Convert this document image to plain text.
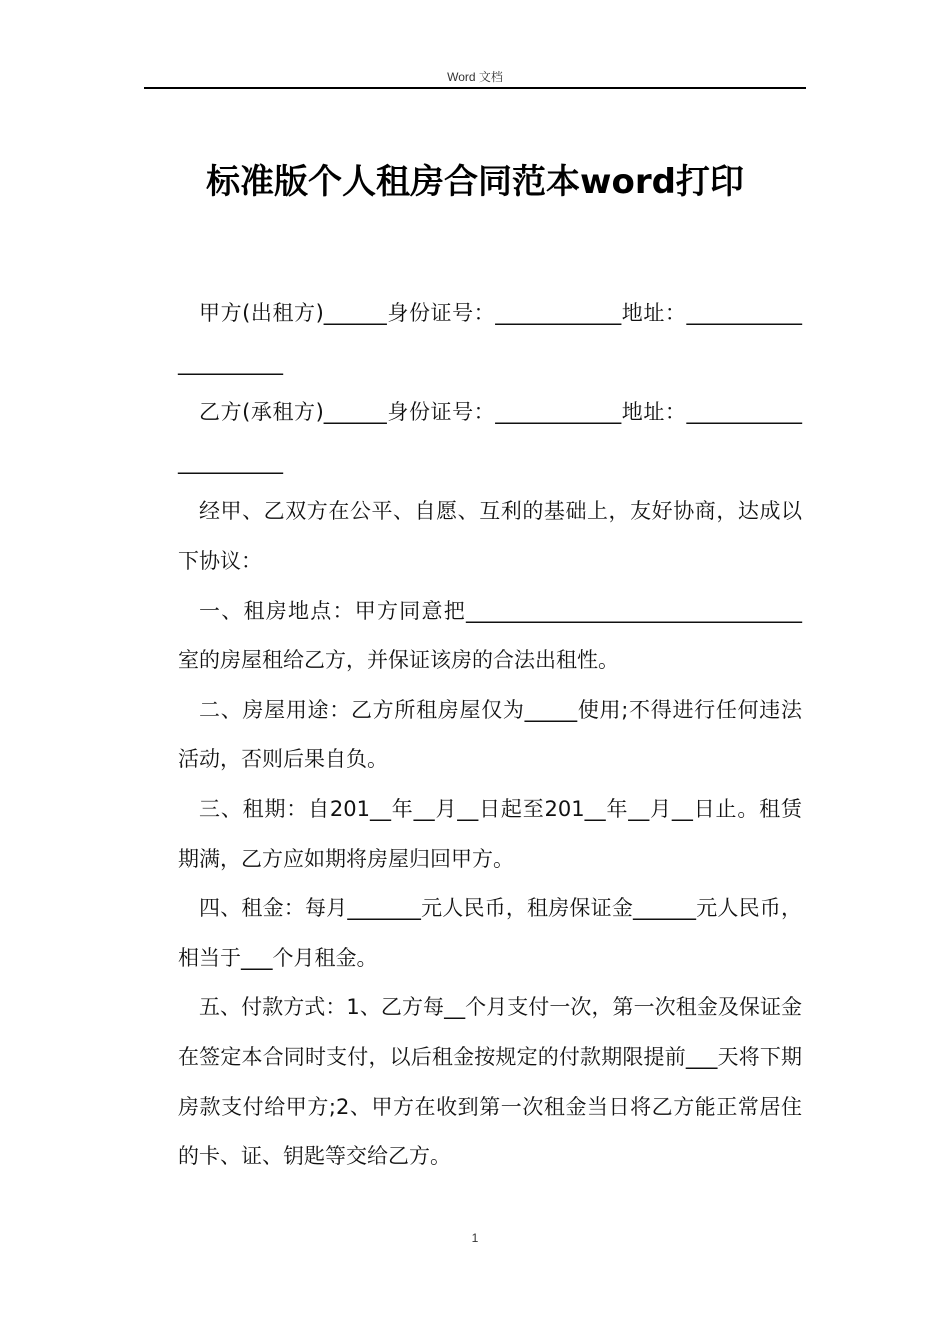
Word 文档
标准版个人租房合同范本word打印

甲方(出租方)______身份证号：____________地址：_____________________

乙方(承租方)______身份证号：____________地址：_____________________

经甲、乙双方在公平、自愿、互利的基础上，友好协商，达成以下协议：

一、租房地点：甲方同意把________________________________室的房屋租给乙方，并保证该房的合法出租性。

二、房屋用途：乙方所租房屋仅为_____使用;不得进行任何违法活动，否则后果自负。

三、租期：自201__年__月__日起至201__年__月__日止。租赁期满，乙方应如期将房屋归回甲方。

四、租金：每月_______元人民币，租房保证金______元人民币，相当于___个月租金。

五、付款方式：1、乙方每__个月支付一次，第一次租金及保证金在签定本合同时支付，以后租金按规定的付款期限提前___天将下期房款支付给甲方;2、甲方在收到第一次租金当日将乙方能正常居住的卡、证、钥匙等交给乙方。

1
